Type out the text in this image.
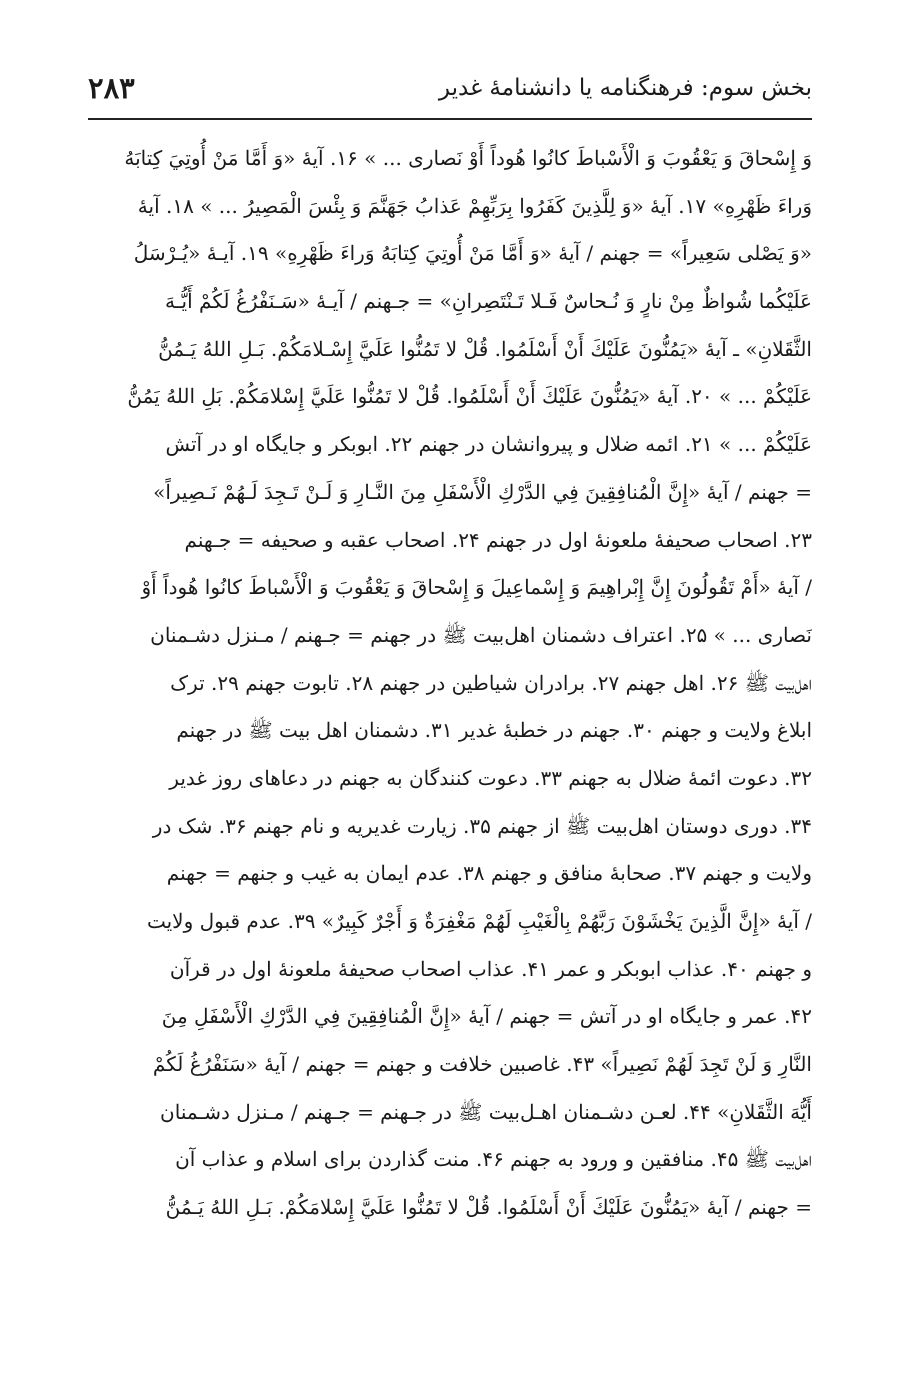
۲۸۳	بخش سوم: فرهنگنامه یا دانشنامهٔ غدیر
وَ إِسْحاقَ وَ يَعْقُوبَ وَ الْأَسْباطَ كانُوا هُوداً أَوْ نَصارى ... » ۱۶. آیهٔ «وَ أَمَّا مَنْ أُوتِيَ كِتابَهُ
وَراءَ ظَهْرِهِ» ۱۷. آیهٔ «وَ لِلَّذِينَ كَفَرُوا بِرَبِّهِمْ عَذابُ جَهَنَّمَ وَ بِئْسَ الْمَصِيرُ ... » ۱۸. آیهٔ
«وَ يَصْلى سَعِيراً» = جهنم / آیهٔ «وَ أَمَّا مَنْ أُوتِيَ كِتابَهُ وَراءَ ظَهْرِهِ» ۱۹. آیـهٔ «يُـرْسَلُ
عَلَيْكُما شُواظٌ مِنْ نارٍ وَ نُـحاسٌ فَـلا تَـنْتَصِرانِ» = جـهنم / آیـهٔ «سَـنَفْرُغُ لَكُمْ أَيُّـهَ
الثَّقَلانِ» ـ آیهٔ «يَمُنُّونَ عَلَيْكَ أَنْ أَسْلَمُوا. قُلْ لا تَمُنُّوا عَلَيَّ إِسْـلامَكُمْ. بَـلِ اللهُ يَـمُنُّ
عَلَيْكُمْ ... » ۲۰. آیهٔ «يَمُنُّونَ عَلَيْكَ أَنْ أَسْلَمُوا. قُلْ لا تَمُنُّوا عَلَيَّ إِسْلامَكُمْ. بَلِ اللهُ يَمُنُّ
عَلَيْكُمْ ... » ۲۱. ائمه ضلال و پیروانشان در جهنم ۲۲. ابوبکر و جایگاه او در آتش
= جهنم / آیهٔ «إِنَّ الْمُنافِقِينَ فِي الدَّرْكِ الْأَسْفَلِ مِنَ النَّـارِ وَ لَـنْ تَـجِدَ لَـهُمْ نَـصِيراً»
۲۳. اصحاب صحیفهٔ ملعونهٔ اول در جهنم ۲۴. اصحاب عقبه و صحیفه = جـهنم
/ آیهٔ «أَمْ تَقُولُونَ إِنَّ إِبْراهِيمَ وَ إِسْماعِيلَ وَ إِسْحاقَ وَ يَعْقُوبَ وَ الْأَسْباطَ كانُوا هُوداً أَوْ
نَصارى ... » ۲۵. اعتراف دشمنان اهل‌بیت ﷺ در جهنم = جـهنم / مـنزل دشـمنان
اهل‌بیت ﷺ ۲۶. اهل جهنم ۲۷. برادران شیاطین در جهنم ۲۸. تابوت جهنم ۲۹. ترک
ابلاغ ولایت و جهنم ۳۰. جهنم در خطبهٔ غدیر ۳۱. دشمنان اهل بیت ﷺ در جهنم
۳۲. دعوت ائمهٔ ضلال به جهنم ۳۳. دعوت کنندگان به جهنم در دعاهای روز غدیر
۳۴. دوری دوستان اهل‌بیت ﷺ از جهنم ۳۵. زیارت غدیریه و نام جهنم ۳۶. شک در
ولایت و جهنم ۳۷. صحابهٔ منافق و جهنم ۳۸. عدم ایمان به غیب و جنهم = جهنم
/ آیهٔ «إِنَّ الَّذِينَ يَخْشَوْنَ رَبَّهُمْ بِالْغَيْبِ لَهُمْ مَغْفِرَةٌ وَ أَجْرٌ كَبِيرٌ» ۳۹. عدم قبول ولایت
و جهنم ۴۰. عذاب ابوبکر و عمر ۴۱. عذاب اصحاب صحیفهٔ ملعونهٔ اول در قرآن
۴۲. عمر و جایگاه او در آتش = جهنم / آیهٔ «إِنَّ الْمُنافِقِينَ فِي الدَّرْكِ الْأَسْفَلِ مِنَ
النَّارِ وَ لَنْ تَجِدَ لَهُمْ نَصِيراً» ۴۳. غاصبین خلافت و جهنم = جهنم / آیهٔ «سَنَفْرُغُ لَكُمْ
أَيُّهَ الثَّقَلانِ» ۴۴. لعـن دشـمنان اهـل‌بیت ﷺ در جـهنم = جـهنم / مـنزل دشـمنان
اهل‌بیت ﷺ ۴۵. منافقین و ورود به جهنم ۴۶. منت گذاردن برای اسلام و عذاب آن
= جهنم / آیهٔ «يَمُنُّونَ عَلَيْكَ أَنْ أَسْلَمُوا. قُلْ لا تَمُنُّوا عَلَيَّ إِسْلامَكُمْ. بَـلِ اللهُ يَـمُنُّ
